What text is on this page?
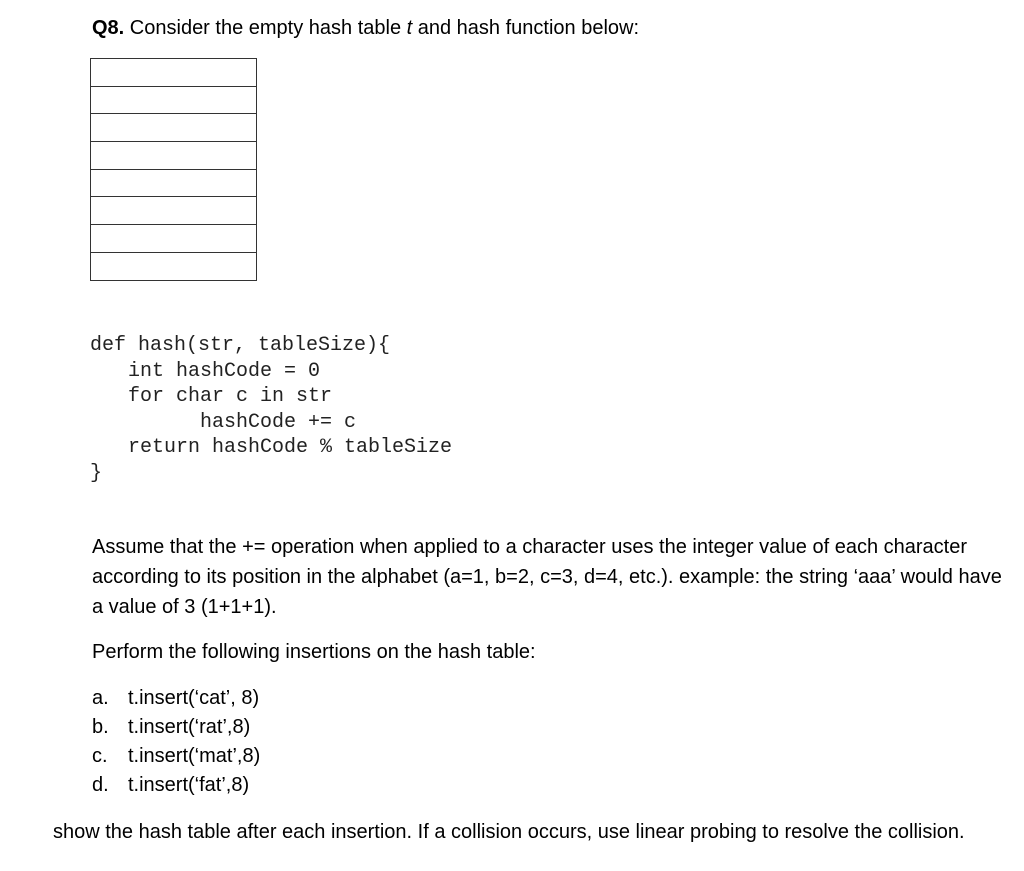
Q8. Consider the empty hash table t and hash function below:

def hash(str, tableSize){
int hashCode = 0
for char c in str
hashCode += c
return hashCode % tableSize
}

Assume that the += operation when applied to a character uses the integer value of each character according to its position in the alphabet (a=1, b=2, c=3, d=4, etc.). example: the string ‘aaa’ would have a value of 3 (1+1+1).

Perform the following insertions on the hash table:

a. t.insert(‘cat’, 8)
b. t.insert(‘rat’,8)
c.	t.insert(‘mat’,8)
d. t.insert(‘fat’,8)
show the hash table after each insertion. If a collision occurs, use linear probing to resolve the collision.
